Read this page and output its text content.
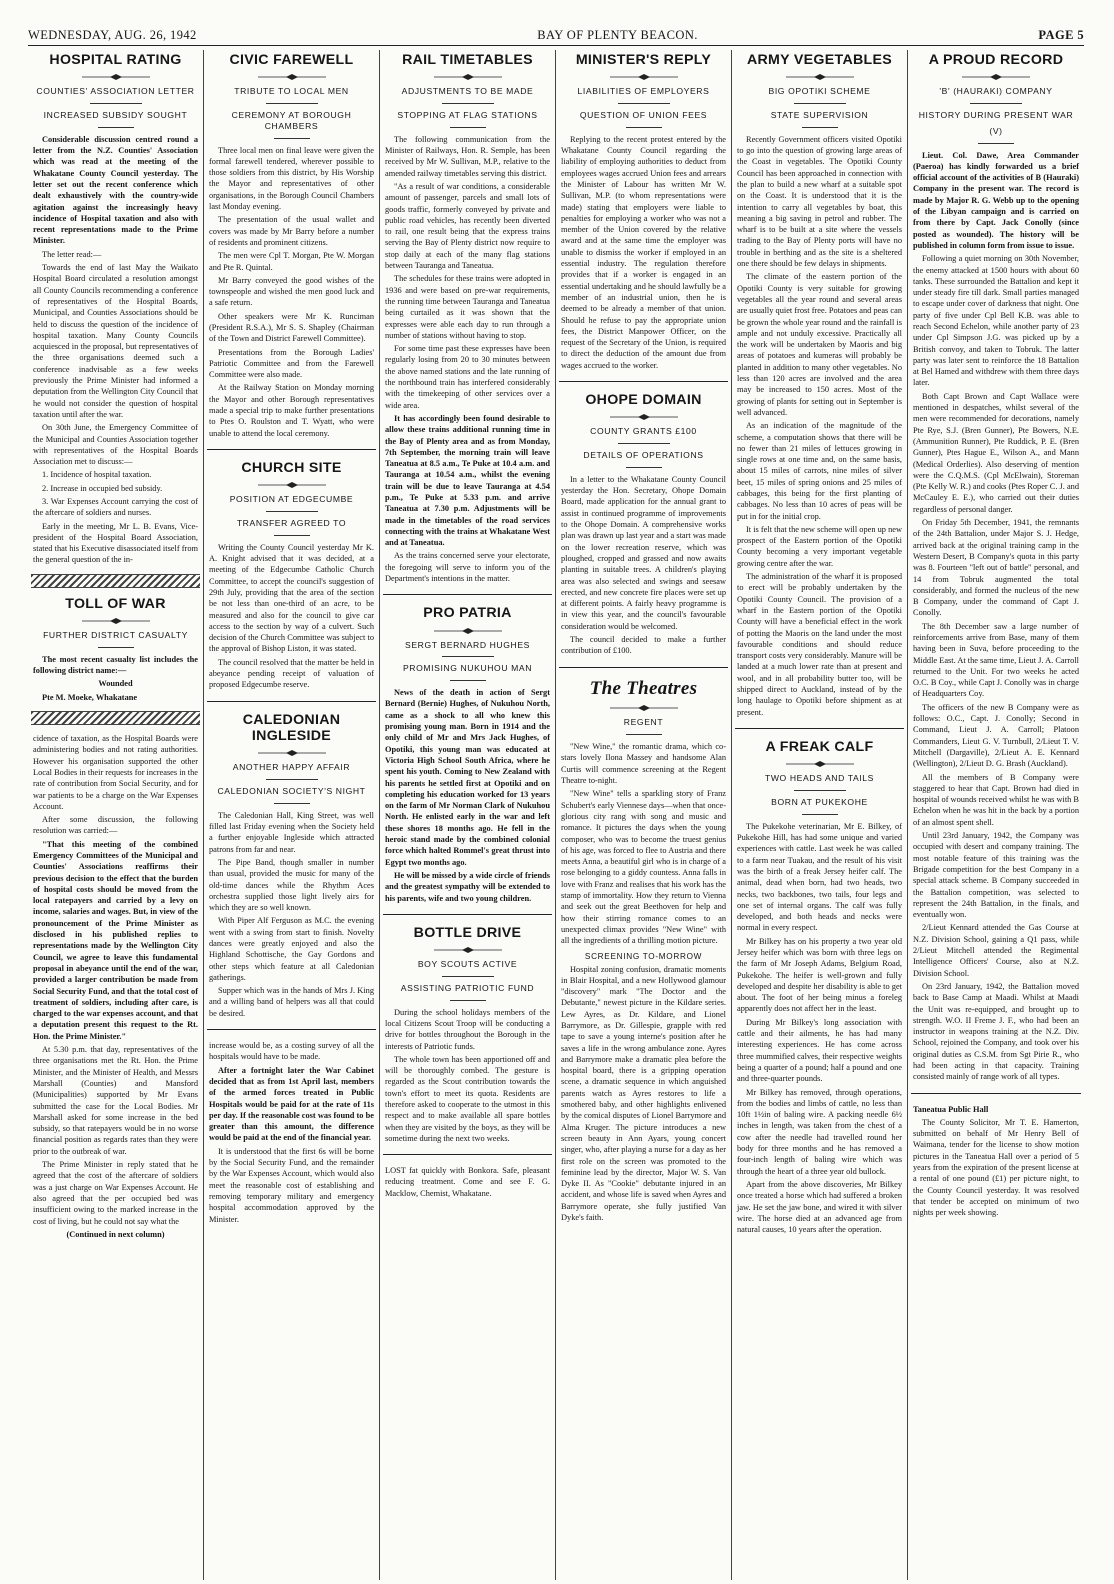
WEDNESDAY, AUG. 26, 1942	BAY OF PLENTY BEACON.	PAGE 5
HOSPITAL RATING
COUNTIES' ASSOCIATION LETTER
INCREASED SUBSIDY SOUGHT

Considerable discussion centred round a letter from the N.Z. Counties' Association which was read at the meeting of the Whakatane County Council yesterday. The letter set out the recent conference which dealt exhaustively with the country-wide agitation against the increasingly heavy incidence of Hospital taxation and also with recent representations made to the Prime Minister.

The letter read:—

Towards the end of last May the Waikato Hospital Board circulated a resolution amongst all County Councils recommending a conference of representatives of the Hospital Boards, Municipal, and Counties Associations should be held to discuss the question of the incidence of hospital taxation. Many County Councils acquiesced in the proposal, but representatives of the three organisations deemed such a conference inadvisable as a few weeks previously the Prime Minister had informed a deputation from the Wellington City Council that he would not consider the question of hospital taxation until after the war.

On 30th June, the Emergency Committee of the Municipal and Counties Association together with representatives of the Hospital Boards Association met to discuss:—

1. Incidence of hospital taxation.

2. Increase in occupied bed subsidy.

3. War Expenses Account carrying the cost of the aftercare of soldiers and nurses.

Early in the meeting, Mr L. B. Evans, Vice-president of the Hospital Board Association, stated that his Executive disassociated itself from the general question of the in-

TOLL OF WAR
FURTHER DISTRICT CASUALTY

The most recent casualty list includes the following district name:—

Wounded

Pte M. Moeke, Whakatane

cidence of taxation, as the Hospital Boards were administering bodies and not rating authorities. However his organisation supported the other Local Bodies in their requests for increases in the rate of contribution from Social Security, and for war patients to be a charge on the War Expenses Account.

After some discussion, the following resolution was carried:—

"That this meeting of the combined Emergency Committees of the Municipal and Counties' Associations reaffirms their previous decision to the effect that the burden of hospital costs should be moved from the local ratepayers and carried by a levy on income, salaries and wages. But, in view of the pronouncement of the Prime Minister as disclosed in his published replies to representations made by the Wellington City Council, we agree to leave this fundamental proposal in abeyance until the end of the war, provided a larger contribution be made from Social Security Fund, and that the total cost of treatment of soldiers, including after care, is charged to the war expenses account, and that a deputation present this request to the Rt. Hon. the Prime Minister."

At 5.30 p.m. that day, representatives of the three organisations met the Rt. Hon. the Prime Minister, and the Minister of Health, and Messrs Marshall (Counties) and Mansford (Municipalities) supported by Mr Evans submitted the case for the Local Bodies. Mr Marshall asked for some increase in the bed subsidy, so that ratepayers would be in no worse financial position as regards rates than they were prior to the outbreak of war.

The Prime Minister in reply stated that he agreed that the cost of the aftercare of soldiers was a just charge on War Expenses Account. He also agreed that the per occupied bed was insufficient owing to the marked increase in the cost of living, but he could not say what the

(Continued in next column)

CIVIC FAREWELL
TRIBUTE TO LOCAL MEN
CEREMONY AT BOROUGH CHAMBERS

Three local men on final leave were given the formal farewell tendered, wherever possible to those soldiers from this district, by His Worship the Mayor and representatives of other organisations, in the Borough Council Chambers last Monday evening.

The presentation of the usual wallet and covers was made by Mr Barry before a number of residents and prominent citizens.

The men were Cpl T. Morgan, Pte W. Morgan and Pte R. Quintal.

Mr Barry conveyed the good wishes of the townspeople and wished the men good luck and a safe return.

Other speakers were Mr K. Runciman (President R.S.A.), Mr S. S. Shapley (Chairman of the Town and District Farewell Committee).

Presentations from the Borough Ladies' Patriotic Committee and from the Farewell Committee were also made.

At the Railway Station on Monday morning the Mayor and other Borough representatives made a special trip to make further presentations to Ptes O. Roulston and T. Wyatt, who were unable to attend the local ceremony.

CHURCH SITE
POSITION AT EDGECUMBE
TRANSFER AGREED TO

Writing the County Council yesterday Mr K. A. Knight advised that it was decided, at a meeting of the Edgecumbe Catholic Church Committee, to accept the council's suggestion of 29th July, providing that the area of the section be not less than one-third of an acre, to be measured and also for the council to give car access to the section by way of a culvert. Such decision of the Church Committee was subject to the approval of Bishop Liston, it was stated.

The council resolved that the matter be held in abeyance pending receipt of valuation of proposed Edgecumbe reserve.

CALEDONIAN INGLESIDE
ANOTHER HAPPY AFFAIR
CALEDONIAN SOCIETY'S NIGHT

The Caledonian Hall, King Street, was well filled last Friday evening when the Society held a further enjoyable Ingleside which attracted patrons from far and near.

The Pipe Band, though smaller in number than usual, provided the music for many of the old-time dances while the Rhythm Aces orchestra supplied those light lively airs for which they are so well known.

With Piper Alf Ferguson as M.C. the evening went with a swing from start to finish. Novelty dances were greatly enjoyed and also the Highland Schottische, the Gay Gordons and other steps which feature at all Caledonian gatherings.

Supper which was in the hands of Mrs J. King and a willing band of helpers was all that could be desired.

increase would be, as a costing survey of all the hospitals would have to be made.

After a fortnight later the War Cabinet decided that as from 1st April last, members of the armed forces treated in Public Hospitals would be paid for at the rate of 11s per day. If the reasonable cost was found to be greater than this amount, the difference would be paid at the end of the financial year.

It is understood that the first 6s will be borne by the Social Security Fund, and the remainder by the War Expenses Account, which would also meet the reasonable cost of establishing and removing temporary military and emergency hospital accommodation approved by the Minister.

RAIL TIMETABLES
ADJUSTMENTS TO BE MADE
STOPPING AT FLAG STATIONS

The following communication from the Minister of Railways, Hon. R. Semple, has been received by Mr W. Sullivan, M.P., relative to the amended railway timetables serving this district.

"As a result of war conditions, a considerable amount of passenger, parcels and small lots of goods traffic, formerly conveyed by private and public road vehicles, has recently been diverted to rail, one result being that the express trains serving the Bay of Plenty district now require to stop daily at each of the many flag stations between Tauranga and Taneatua.

The schedules for these trains were adopted in 1936 and were based on pre-war requirements, the running time between Tauranga and Taneatua being curtailed as it was shown that the expresses were able each day to run through a number of stations without having to stop.

For some time past these expresses have been regularly losing from 20 to 30 minutes between the above named stations and the late running of the northbound train has interfered considerably with the timekeeping of other services over a wide area.

It has accordingly been found desirable to allow these trains additional running time in the Bay of Plenty area and as from Monday, 7th September, the morning train will leave Taneatua at 8.5 a.m., Te Puke at 10.4 a.m. and Tauranga at 10.54 a.m., whilst the evening train will be due to leave Tauranga at 4.54 p.m., Te Puke at 5.33 p.m. and arrive Taneatua at 7.30 p.m. Adjustments will be made in the timetables of the road services connecting with the trains at Whakatane West and at Taneatua.

As the trains concerned serve your electorate, the foregoing will serve to inform you of the Department's intentions in the matter.

PRO PATRIA
SERGT BERNARD HUGHES
PROMISING NUKUHOU MAN

News of the death in action of Sergt Bernard (Bernie) Hughes, of Nukuhou North, came as a shock to all who knew this promising young man. Born in 1914 and the only child of Mr and Mrs Jack Hughes, of Opotiki, this young man was educated at Victoria High School South Africa, where he spent his youth. Coming to New Zealand with his parents he settled first at Opotiki and on completing his education worked for 13 years on the farm of Mr Norman Clark of Nukuhou North. He enlisted early in the war and left these shores 18 months ago. He fell in the heroic stand made by the combined colonial force which halted Rommel's great thrust into Egypt two months ago.

He will be missed by a wide circle of friends and the greatest sympathy will be extended to his parents, wife and two young children.

BOTTLE DRIVE
BOY SCOUTS ACTIVE
ASSISTING PATRIOTIC FUND

During the school holidays members of the local Citizens Scout Troop will be conducting a drive for bottles throughout the Borough in the interests of Patriotic funds.

The whole town has been apportioned off and will be thoroughly combed. The gesture is regarded as the Scout contribution towards the town's effort to meet its quota. Residents are therefore asked to cooperate to the utmost in this respect and to make available all spare bottles when they are visited by the boys, as they will be sometime during the next two weeks.

LOST fat quickly with Bonkora. Safe, pleasant reducing treatment. Come and see F. G. Macklow, Chemist, Whakatane.

MINISTER'S REPLY
LIABILITIES OF EMPLOYERS
QUESTION OF UNION FEES

Replying to the recent protest entered by the Whakatane County Council regarding the liability of employing authorities to deduct from employees wages accrued Union fees and arrears the Minister of Labour has written Mr W. Sullivan, M.P. (to whom representations were made) stating that employers were liable to penalties for employing a worker who was not a member of the Union covered by the relative award and at the same time the employer was unable to dismiss the worker if employed in an essential industry. The regulation therefore provides that if a worker is engaged in an essential undertaking and he should lawfully be a member of an industrial union, then he is deemed to be already a member of that union. Should he refuse to pay the appropriate union fees, the District Manpower Officer, on the request of the Secretary of the Union, is required to direct the deduction of the amount due from wages accrued to the worker.

OHOPE DOMAIN
COUNTY GRANTS £100
DETAILS OF OPERATIONS

In a letter to the Whakatane County Council yesterday the Hon. Secretary, Ohope Domain Board, made application for the annual grant to assist in continued programme of improvements to the Ohope Domain. A comprehensive works plan was drawn up last year and a start was made on the lower recreation reserve, which was ploughed, cropped and grassed and now awaits planting in suitable trees. A children's playing area was also selected and swings and seesaw erected, and new concrete fire places were set up at different points. A fairly heavy programme is in view this year, and the council's favourable consideration would be welcomed.

The council decided to make a further contribution of £100.

The Theatres
REGENT

"New Wine," the romantic drama, which co-stars lovely Ilona Massey and handsome Alan Curtis will commence screening at the Regent Theatre to-night.

"New Wine" tells a sparkling story of Franz Schubert's early Viennese days—when that once-glorious city rang with song and music and romance. It pictures the days when the young composer, who was to become the truest genius of his age, was forced to flee to Austria and there meets Anna, a beautiful girl who is in charge of a rose belonging to a giddy countess. Anna falls in love with Franz and realises that his work has the stamp of immortality. How they return to Vienna and seek out the great Beethoven for help and how their stirring romance comes to an unexpected climax provides "New Wine" with all the ingredients of a thrilling motion picture.

SCREENING TO-MORROW

Hospital zoning confusion, dramatic moments in Blair Hospital, and a new Hollywood glamour "discovery" mark "The Doctor and the Debutante," newest picture in the Kildare series. Lew Ayres, as Dr. Kildare, and Lionel Barrymore, as Dr. Gillespie, grapple with red tape to save a young interne's position after he saves a life in the wrong ambulance zone. Ayres and Barrymore make a dramatic plea before the hospital board, there is a gripping operation scene, a dramatic sequence in which anguished parents watch as Ayres restores to life a smothered baby, and other highlights enlivened by the comical disputes of Lionel Barrymore and Alma Kruger. The picture introduces a new screen beauty in Ann Ayars, young concert singer, who, after playing a nurse for a day as her first role on the screen was promoted to the feminine lead by the director, Major W. S. Van Dyke II. As "Cookie" debutante injured in an accident, and whose life is saved when Ayres and Barrymore operate, she fully justified Van Dyke's faith.

ARMY VEGETABLES
BIG OPOTIKI SCHEME
STATE SUPERVISION

Recently Government officers visited Opotiki to go into the question of growing large areas of the Coast in vegetables. The Opotiki County Council has been approached in connection with the plan to build a new wharf at a suitable spot on the Coast. It is understood that it is the intention to carry all vegetables by boat, this meaning a big saving in petrol and rubber. The wharf is to be built at a site where the vessels trading to the Bay of Plenty ports will have no trouble in berthing and as the site is a sheltered one there should be few delays in shipments.

The climate of the eastern portion of the Opotiki County is very suitable for growing vegetables all the year round and several areas are usually quiet frost free. Potatoes and peas can be grown the whole year round and the rainfall is ample and not unduly excessive. Practically all the work will be undertaken by Maoris and big areas of potatoes and kumeras will probably be planted in addition to many other vegetables. No less than 120 acres are involved and the area may be increased to 150 acres. Most of the growing of plants for setting out in September is well advanced.

As an indication of the magnitude of the scheme, a computation shows that there will be no fewer than 21 miles of lettuces growing in single rows at one time and, on the same basis, about 15 miles of carrots, nine miles of silver beet, 15 miles of spring onions and 25 miles of cabbages, this being for the first planting of cabbages. No less than 10 acres of peas will be put in for the initial crop.

It is felt that the new scheme will open up new prospect of the Eastern portion of the Opotiki County becoming a very important vegetable growing centre after the war.

The administration of the wharf it is proposed to erect will be probably undertaken by the Opotiki County Council. The provision of a wharf in the Eastern portion of the Opotiki County will have a beneficial effect in the work of potting the Maoris on the land under the most favourable conditions and should reduce transport costs very considerably. Manure will be landed at a much lower rate than at present and wool, and in all probability butter too, will be shipped direct to Auckland, instead of by the long haulage to Opotiki before shipment as at present.

A FREAK CALF
TWO HEADS AND TAILS
BORN AT PUKEKOHE

The Pukekohe veterinarian, Mr E. Bilkey, of Pukekohe Hill, has had some unique and varied experiences with cattle. Last week he was called to a farm near Tuakau, and the result of his visit was the birth of a freak Jersey heifer calf. The animal, dead when born, had two heads, two necks, two backbones, two tails, four legs and one set of internal organs. The calf was fully developed, and both heads and necks were normal in every respect.

Mr Bilkey has on his property a two year old Jersey heifer which was born with three legs on the farm of Mr Joseph Adams, Belgium Road, Pukekohe. The heifer is well-grown and fully developed and despite her disability is able to get about. The foot of her being minus a foreleg apparently does not affect her in the least.

During Mr Bilkey's long association with cattle and their ailments, he has had many interesting experiences. He has come across three mummified calves, their respective weights being a quarter of a pound; half a pound and one and three-quarter pounds.

Mr Bilkey has removed, through operations, from the bodies and limbs of cattle, no less than 10ft 1½in of baling wire. A packing needle 6½ inches in length, was taken from the chest of a cow after the needle had travelled round her body for three months and he has removed a four-inch length of baling wire which was through the heart of a three year old bullock.

Apart from the above discoveries, Mr Bilkey once treated a horse which had suffered a broken jaw. He set the jaw bone, and wired it with silver wire. The horse died at an advanced age from natural causes, 10 years after the operation.

A PROUD RECORD
'B' (HAURAKI) COMPANY
HISTORY DURING PRESENT WAR
(V)

Lieut. Col. Dawe, Area Commander (Paeroa) has kindly forwarded us a brief official account of the activities of B (Hauraki) Company in the present war. The record is made by Major R. G. Webb up to the opening of the Libyan campaign and is carried on from there by Capt. Jack Conolly (since posted as wounded). The history will be published in column form from issue to issue.

Following a quiet morning on 30th November, the enemy attacked at 1500 hours with about 60 tanks. These surrounded the Battalion and kept it under steady fire till dark. Small parties managed to escape under cover of darkness that night. One party of five under Cpl Bell K.B. was able to reach Second Echelon, while another party of 23 under Cpl Simpson J.G. was picked up by a British convoy, and taken to Tobruk. The latter party was later sent to reinforce the 18 Battalion at Bel Hamed and withdrew with them three days later.

Both Capt Brown and Capt Wallace were mentioned in despatches, whilst several of the men were recommended for decorations, namely Pte Rye, S.J. (Bren Gunner), Pte Bowers, N.E. (Ammunition Runner), Pte Ruddick, P. E. (Bren Gunner), Ptes Hague E., Wilson A., and Mann (Medical Orderlies). Also deserving of mention were the C.Q.M.S. (Cpl McElwain), Storeman (Pte Kelly W. R.) and cooks (Ptes Roper C. J. and McCauley E. E.), who carried out their duties regardless of personal danger.

On Friday 5th December, 1941, the remnants of the 24th Battalion, under Major S. J. Hedge, arrived back at the original training camp in the Western Desert, B Company's quota in this party was 8. Fourteen "left out of battle" personal, and 14 from Tobruk augmented the total considerably, and formed the nucleus of the new B Company, under the command of Capt J. Conolly.

The 8th December saw a large number of reinforcements arrive from Base, many of them having been in Suva, before proceeding to the Middle East. At the same time, Lieut J. A. Carroll returned to the Unit. For two weeks he acted O.C. B Coy., while Capt J. Conolly was in charge of Headquarters Coy.

The officers of the new B Company were as follows: O.C., Capt. J. Conolly; Second in Command, Lieut J. A. Carroll; Platoon Commanders, Lieut G. V. Turnbull, 2/Lieut T. V. Mitchell (Dargaville), 2/Lieut A. E. Kennard (Wellington), 2/Lieut D. G. Brash (Auckland).

All the members of B Company were staggered to hear that Capt. Brown had died in hospital of wounds received whilst he was with B Echelon when he was hit in the back by a portion of an almost spent shell.

Until 23rd January, 1942, the Company was occupied with desert and company training. The most notable feature of this training was the Brigade competition for the best Company in a special attack scheme. B Company succeeded in the Battalion competition, was selected to represent the 24th Battalion, in the finals, and eventually won.

2/Lieut Kennard attended the Gas Course at N.Z. Division School, gaining a Q1 pass, while 2/Lieut Mitchell attended the Regimental Intelligence Officers' Course, also at N.Z. Division School.

On 23rd January, 1942, the Battalion moved back to Base Camp at Maadi. Whilst at Maadi the Unit was re-equipped, and brought up to strength. W.O. II Freme J. F., who had been an instructor in weapons training at the N.Z. Div. School, rejoined the Company, and took over his original duties as C.S.M. from Sgt Pirie R., who had been acting in that capacity. Training consisted mainly of range work of all types.

Taneatua Public Hall

The County Solicitor, Mr T. E. Hamerton, submitted on behalf of Mr Henry Bell of Waimana, tender for the license to show motion pictures in the Taneatua Hall over a period of 5 years from the expiration of the present license at a rental of one pound (£1) per picture night, to the County Council yesterday. It was resolved that tender be accepted on minimum of two nights per week showing.
